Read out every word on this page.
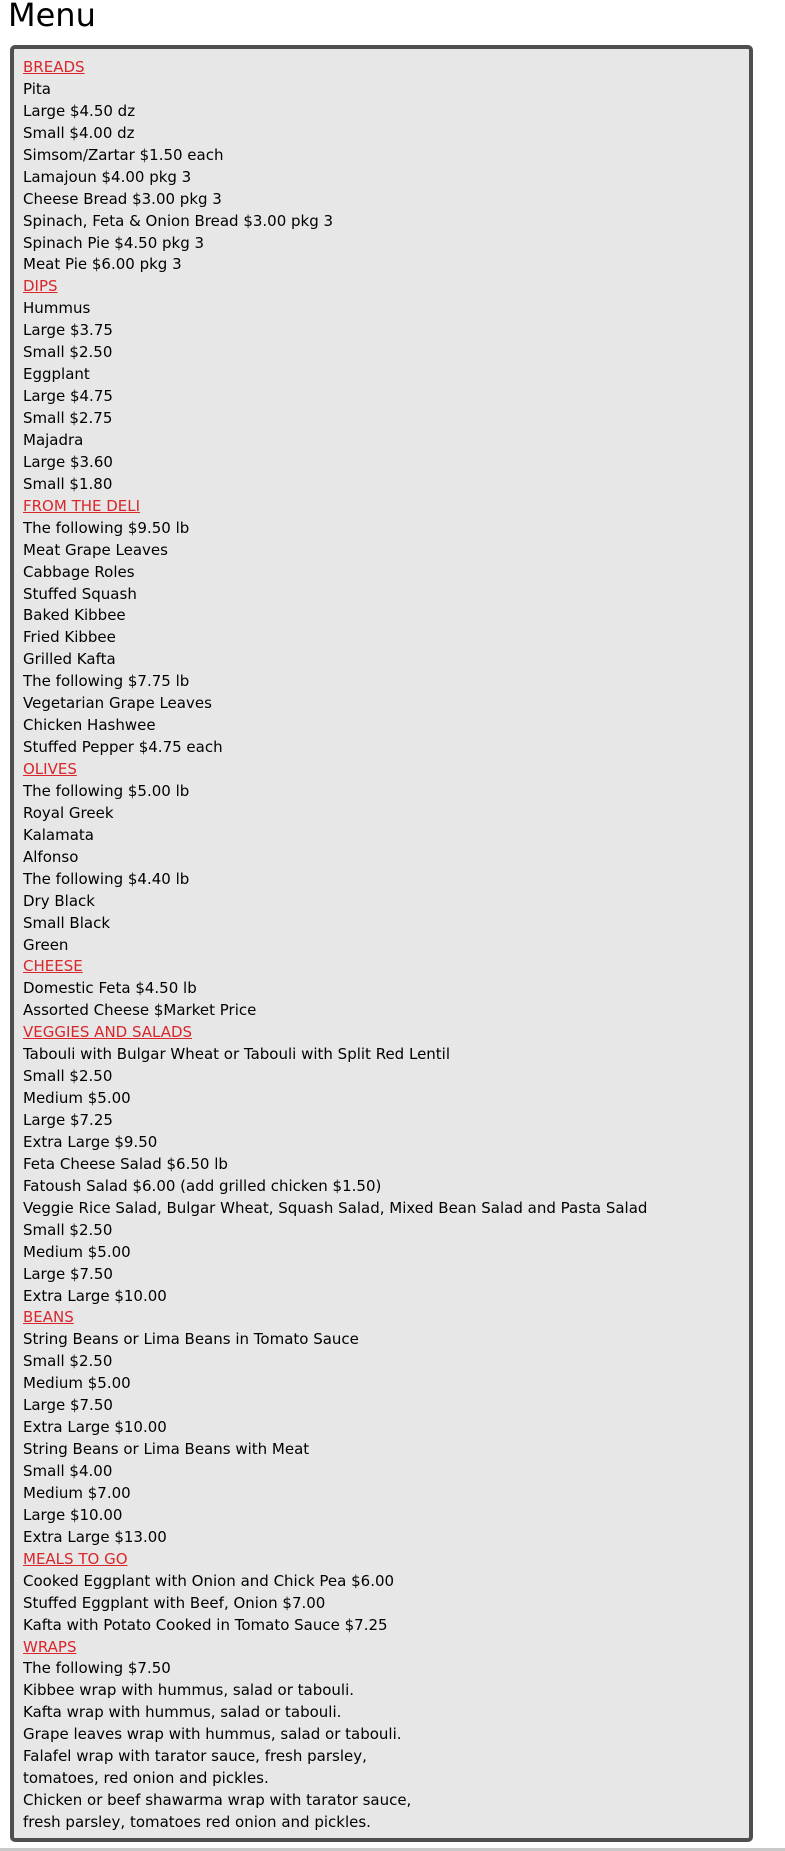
Menu
BREADS
Pita
Large $4.50 dz
Small $4.00 dz
Simsom/Zartar $1.50 each
Lamajoun $4.00 pkg 3
Cheese Bread $3.00 pkg 3
Spinach, Feta & Onion Bread $3.00 pkg 3
Spinach Pie $4.50 pkg 3
Meat Pie $6.00 pkg 3
DIPS
Hummus
Large $3.75
Small $2.50
Eggplant
Large $4.75
Small $2.75
Majadra
Large $3.60
Small $1.80
FROM THE DELI
The following $9.50 lb
Meat Grape Leaves
Cabbage Roles
Stuffed Squash
Baked Kibbee
Fried Kibbee
Grilled Kafta
The following $7.75 lb
Vegetarian Grape Leaves
Chicken Hashwee
Stuffed Pepper $4.75 each
OLIVES
The following $5.00 lb
Royal Greek
Kalamata
Alfonso
The following $4.40 lb
Dry Black
Small Black
Green
CHEESE
Domestic Feta $4.50 lb
Assorted Cheese $Market Price
VEGGIES AND SALADS
Tabouli with Bulgar Wheat or Tabouli with Split Red Lentil
Small $2.50
Medium $5.00
Large $7.25
Extra Large $9.50
Feta Cheese Salad $6.50 lb
Fatoush Salad $6.00 (add grilled chicken $1.50)
Veggie Rice Salad, Bulgar Wheat, Squash Salad, Mixed Bean Salad and Pasta Salad
Small $2.50
Medium $5.00
Large $7.50
Extra Large $10.00
BEANS
String Beans or Lima Beans in Tomato Sauce
Small $2.50
Medium $5.00
Large $7.50
Extra Large $10.00
String Beans or Lima Beans with Meat
Small $4.00
Medium $7.00
Large $10.00
Extra Large $13.00
MEALS TO GO
Cooked Eggplant with Onion and Chick Pea $6.00
Stuffed Eggplant with Beef, Onion $7.00
Kafta with Potato Cooked in Tomato Sauce $7.25
WRAPS
The following $7.50
Kibbee wrap with hummus, salad or tabouli.
Kafta wrap with hummus, salad or tabouli.
Grape leaves wrap with hummus, salad or tabouli.
Falafel wrap with tarator sauce, fresh parsley,
tomatoes, red onion and pickles.
Chicken or beef shawarma wrap with tarator sauce,
fresh parsley, tomatoes red onion and pickles.
